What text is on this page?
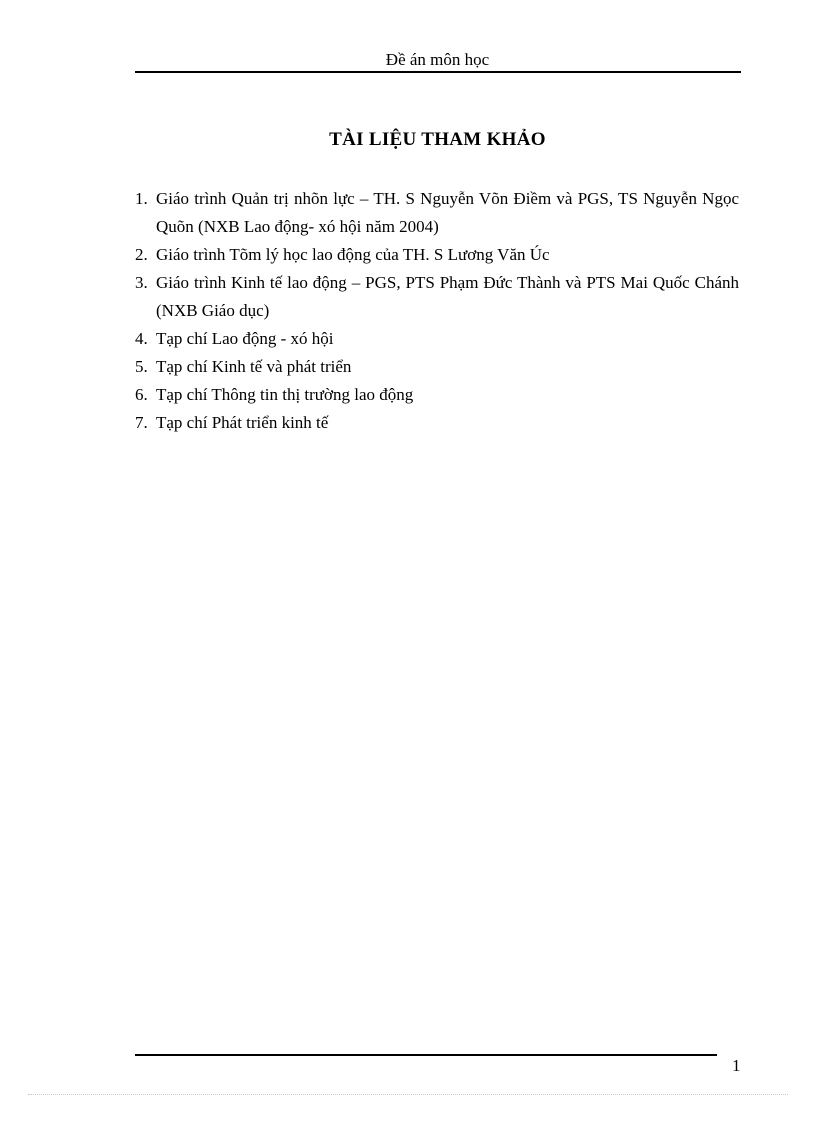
Đề án môn học
TÀI LIỆU THAM KHẢO
1. Giáo trình Quản trị nhõn lực – TH. S Nguyễn Võn Điềm và PGS, TS Nguyễn Ngọc Quõn (NXB Lao động- xó hội năm 2004)
2. Giáo trình Tõm lý học lao động của TH. S Lương Văn Úc
3. Giáo trình Kinh tế lao động – PGS, PTS Phạm Đức Thành và PTS Mai Quốc Chánh (NXB Giáo dục)
4. Tạp chí Lao động - xó hội
5. Tạp chí Kinh tế và phát triển
6. Tạp chí Thông tin thị trường lao động
7. Tạp chí Phát triển kinh tế
1
